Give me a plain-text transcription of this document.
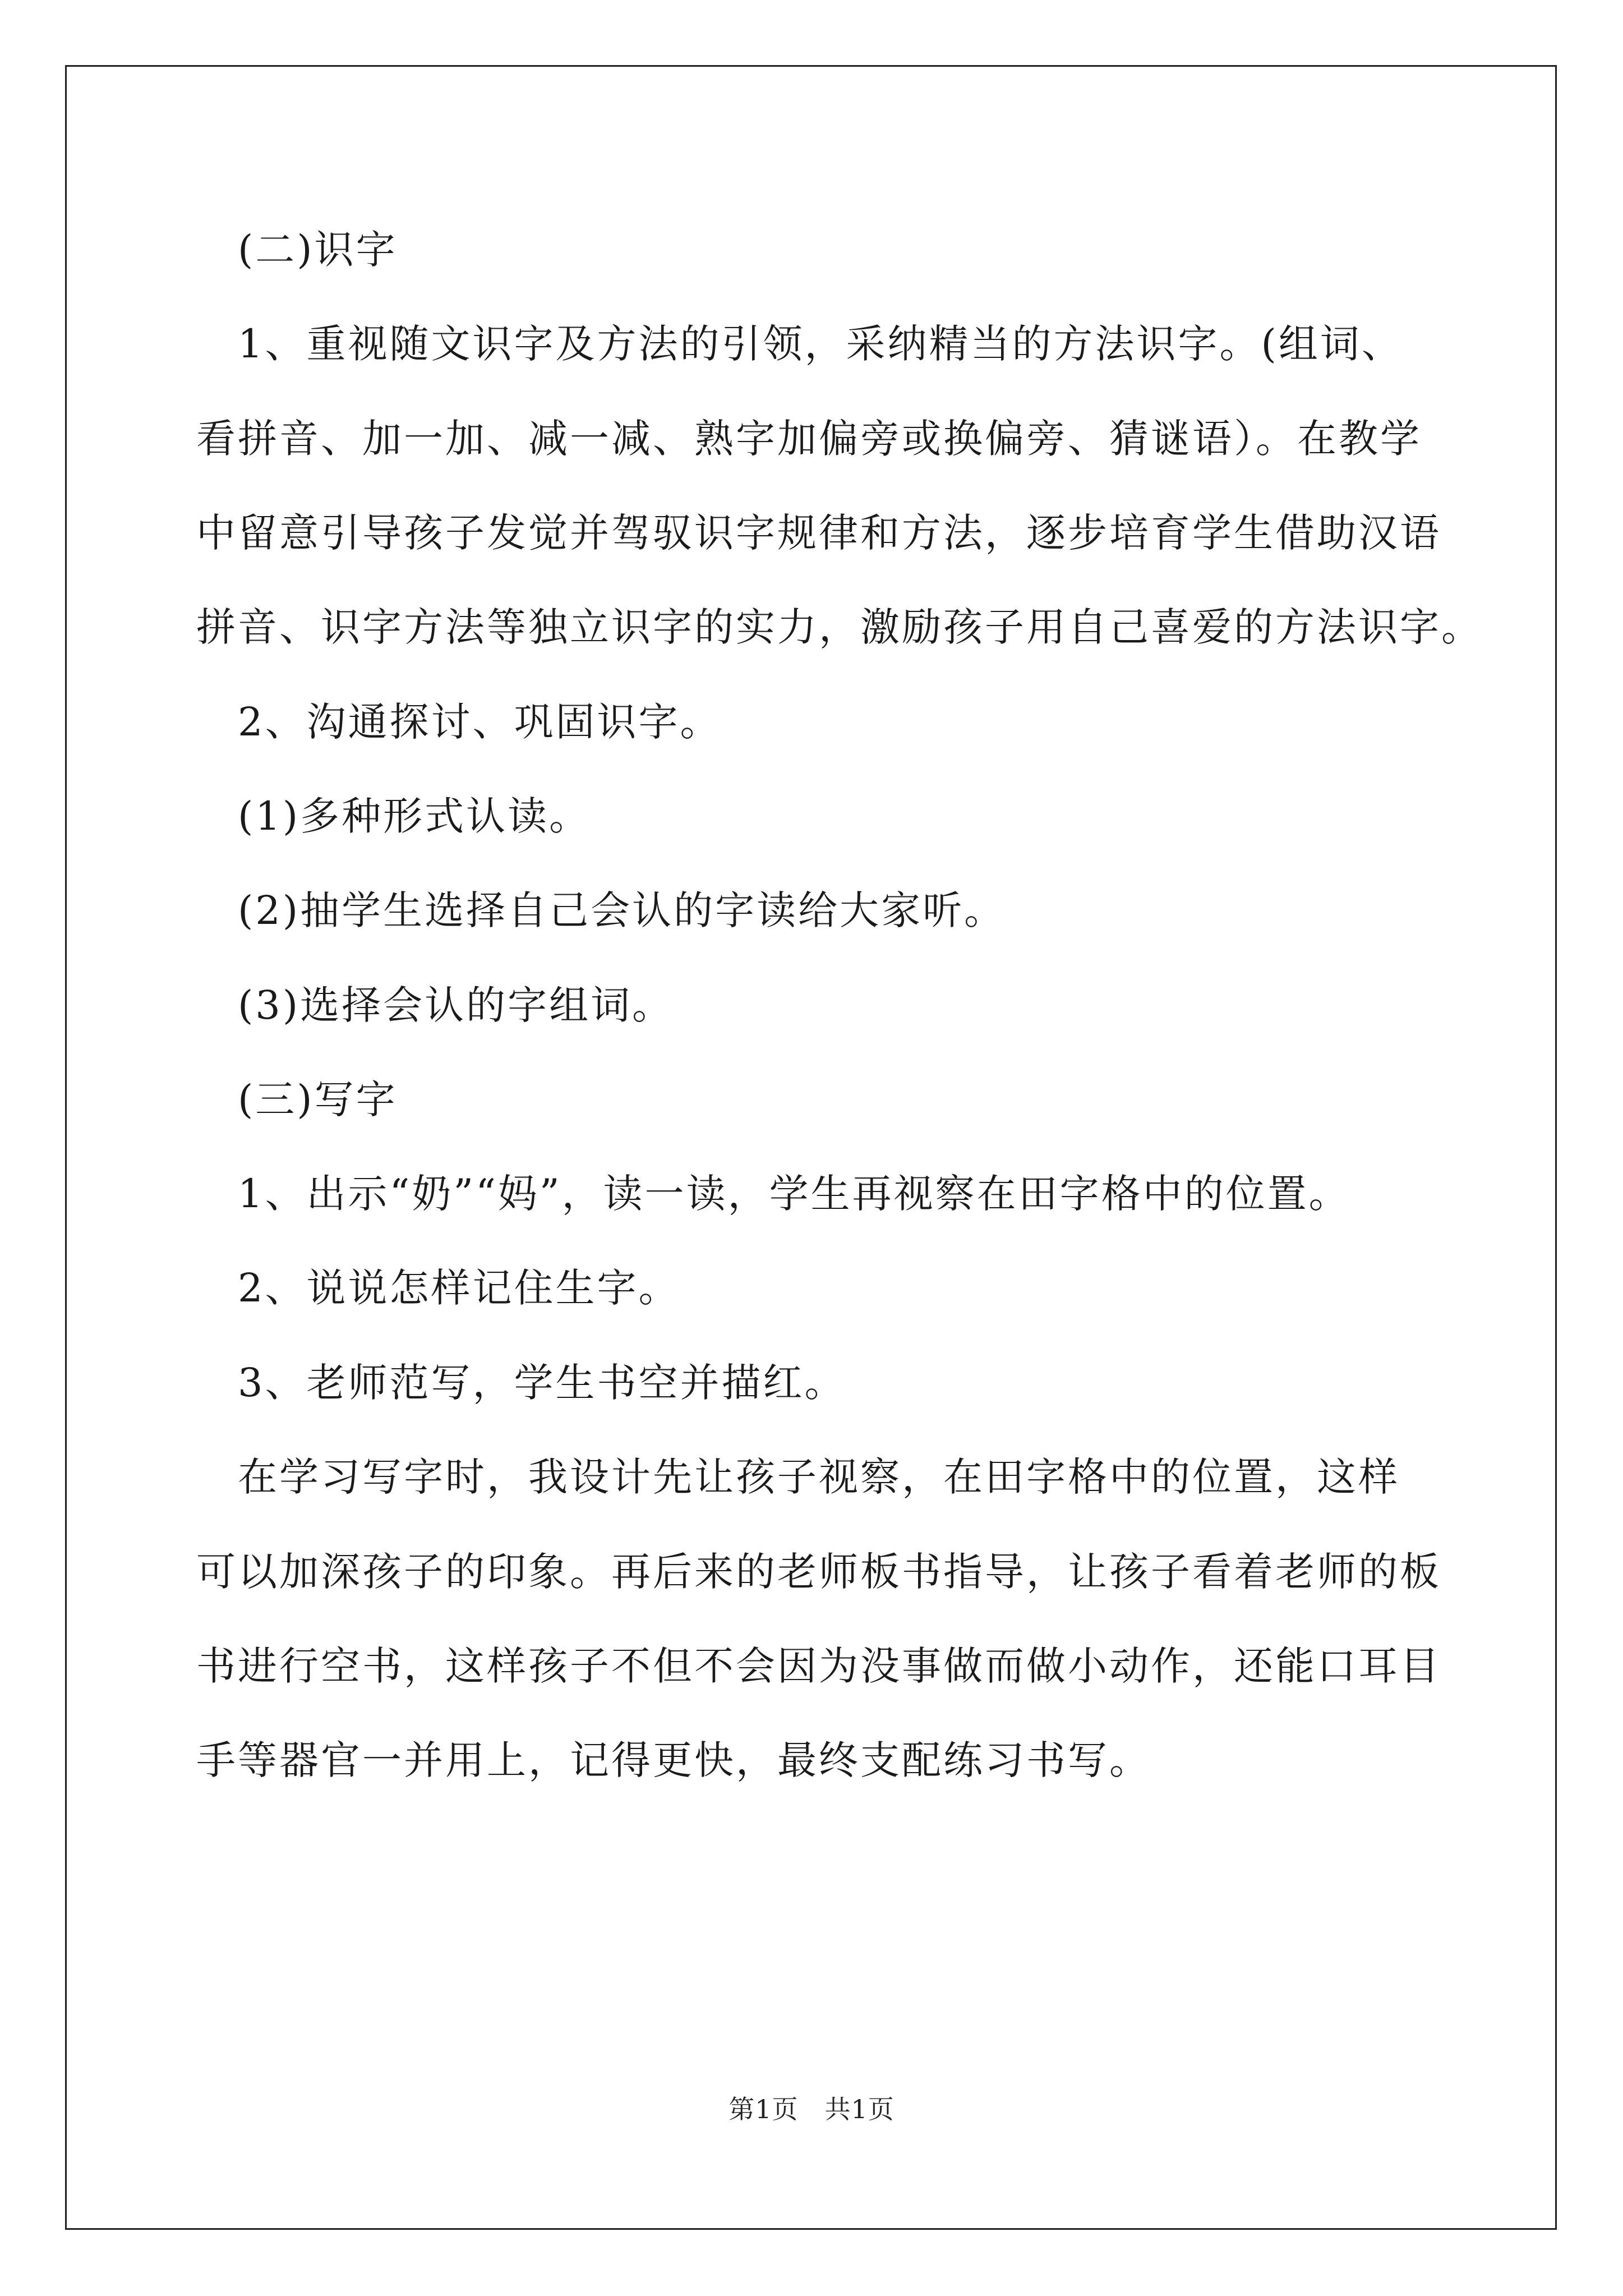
　(二)识字
　1、重视随文识字及方法的引领，采纳精当的方法识字。(组词、
看拼音、加一加、减一减、熟字加偏旁或换偏旁、猜谜语）。在教学
中留意引导孩子发觉并驾驭识字规律和方法，逐步培育学生借助汉语
拼音、识字方法等独立识字的实力，激励孩子用自己喜爱的方法识字。
　2、沟通探讨、巩固识字。
　(1)多种形式认读。
　(2)抽学生选择自己会认的字读给大家听。
　(3)选择会认的字组词。
　(三)写字
　1、出示“奶”“妈”，读一读，学生再视察在田字格中的位置。
　2、说说怎样记住生字。
　3、老师范写，学生书空并描红。
　在学习写字时，我设计先让孩子视察，在田字格中的位置，这样
可以加深孩子的印象。再后来的老师板书指导，让孩子看着老师的板
书进行空书，这样孩子不但不会因为没事做而做小动作，还能口耳目
手等器官一并用上，记得更快，最终支配练习书写。
第1页　共1页
